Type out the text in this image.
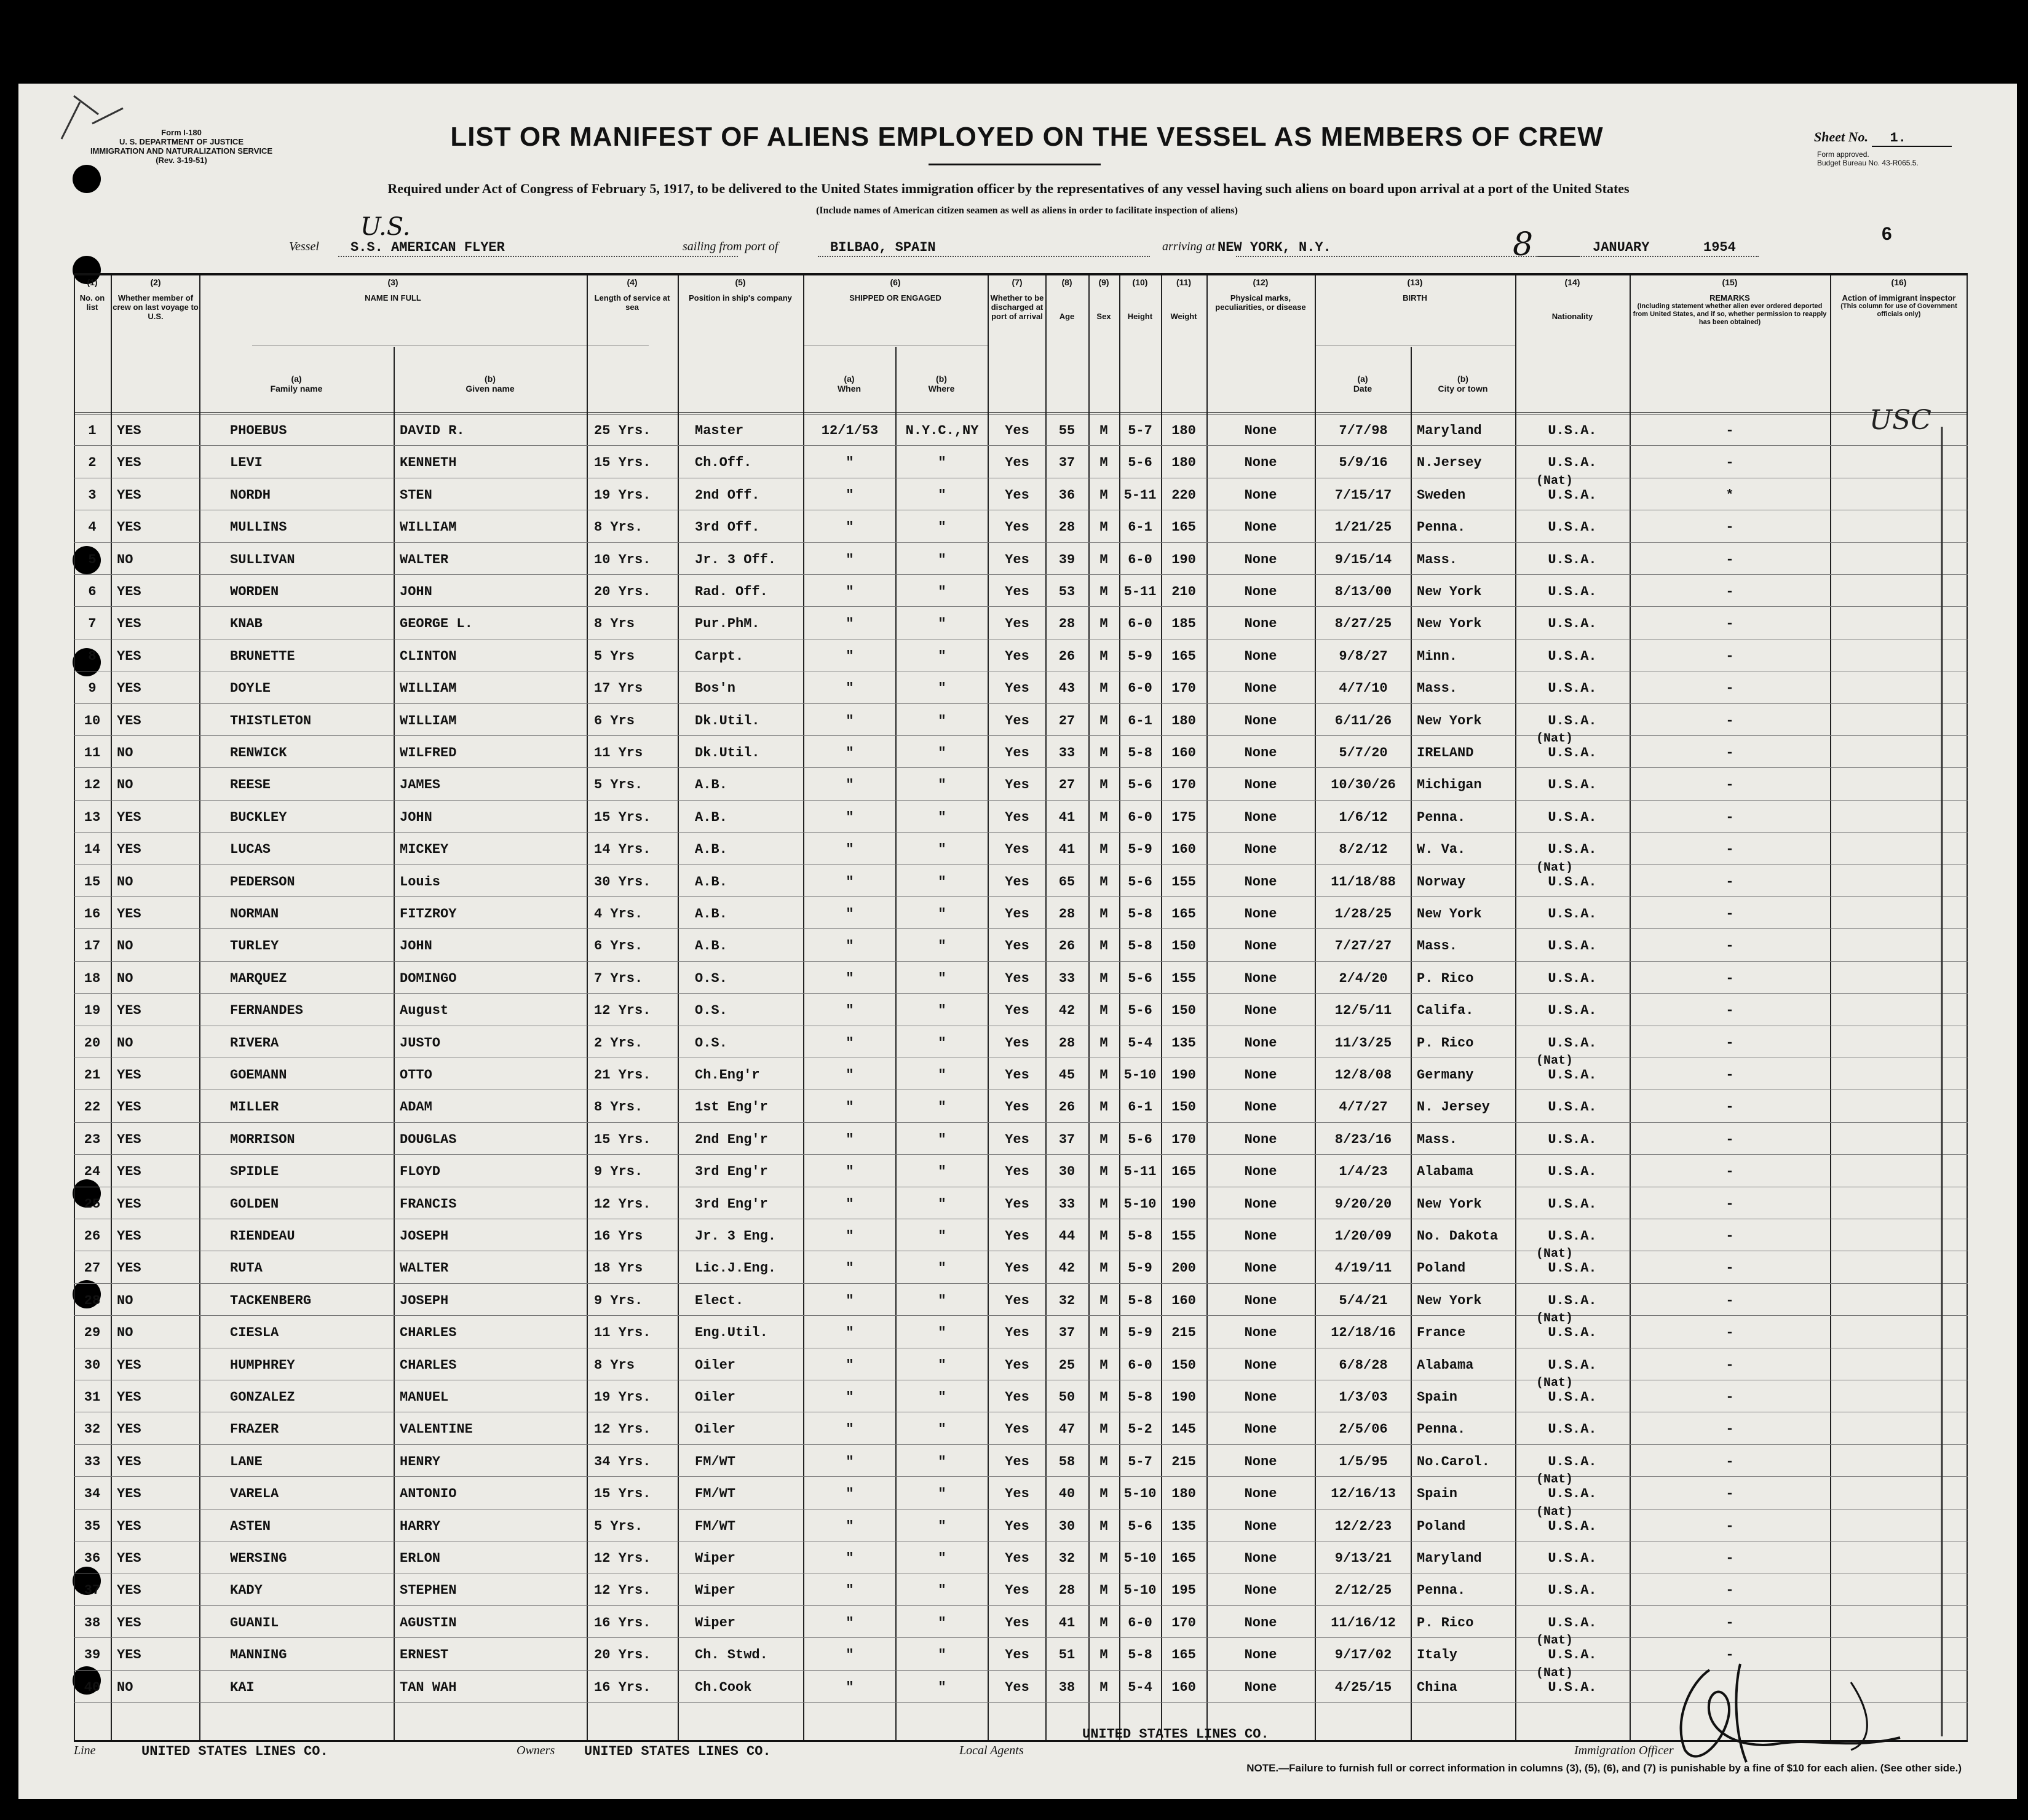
Form I-180
U. S. DEPARTMENT OF JUSTICE
IMMIGRATION AND NATURALIZATION SERVICE
(Rev. 3-19-51)
LIST OR MANIFEST OF ALIENS EMPLOYED ON THE VESSEL AS MEMBERS OF CREW	Sheet No. 1.
Form approved.
Budget Bureau No. 43-R065.5.
Required under Act of Congress of February 5, 1917, to be delivered to the United States immigration officer by the representatives of any vessel having such aliens on board upon arrival at a port of the United States
U.S.
(Include names of American citizen seamen as well as aliens in order to facilitate inspection of aliens)
6
Vessel S.S. AMERICAN FLYER	sailing from port of	BILBAO, SPAIN	arriving at NEW YORK, N.Y.	JANUARY	1954
8
(1)
No. on list
(2)
Whether member of crew on last voyage to U.S.
(3)
NAME IN FULL
(a)
Family name
(b)
Given name
(4)
Length of service at sea
(5)
Position in ship's company
(6)
SHIPPED OR ENGAGED
(a)
When
(b)
Where
(7)
Whether to be discharged at port of arrival
(8)

Age
(9)

Sex
(10)

Height
(11)

Weight
(12)
Physical marks, peculiarities, or disease
(13)
BIRTH
(a)
Date
(b)
City or town
(14)

Nationality
(15)
REMARKS

(Including statement whether alien ever ordered deported from United States, and if so, whether permission to reapply has been obtained)
(16)
Action of immigrant inspector

(This column for use of Government officials only)
1	YES	PHOEBUS	DAVID R.	25 Yrs.	Master	12/1/53	N.Y.C.,NY	Yes	55	M	5-7	180	None	7/7/98	Maryland	U.S.A.	-
2	YES	LEVI	KENNETH	15 Yrs.	Ch.Off.	"	"	Yes	37	M	5-6	180	None	5/9/16	N.Jersey	U.S.A.	-
3	YES	NORDH	STEN	19 Yrs.	2nd Off.	"	"	Yes	36	M	5-11	220	None	7/15/17	Sweden	U.S.A.	*
(Nat)
4	YES	MULLINS	WILLIAM	8 Yrs.	3rd Off.	"	"	Yes	28	M	6-1	165	None	1/21/25	Penna.	U.S.A.	-
5	NO	SULLIVAN	WALTER	10 Yrs.	Jr. 3 Off.	"	"	Yes	39	M	6-0	190	None	9/15/14	Mass.	U.S.A.	-
6	YES	WORDEN	JOHN	20 Yrs.	Rad. Off.	"	"	Yes	53	M	5-11	210	None	8/13/00	New York	U.S.A.	-
7	YES	KNAB	GEORGE L.	8 Yrs	Pur.PhM.	"	"	Yes	28	M	6-0	185	None	8/27/25	New York	U.S.A.	-
8	YES	BRUNETTE	CLINTON	5 Yrs	Carpt.	"	"	Yes	26	M	5-9	165	None	9/8/27	Minn.	U.S.A.	-
9	YES	DOYLE	WILLIAM	17 Yrs	Bos'n	"	"	Yes	43	M	6-0	170	None	4/7/10	Mass.	U.S.A.	-
10	YES	THISTLETON	WILLIAM	6 Yrs	Dk.Util.	"	"	Yes	27	M	6-1	180	None	6/11/26	New York	U.S.A.	-
11	NO	RENWICK	WILFRED	11 Yrs	Dk.Util.	"	"	Yes	33	M	5-8	160	None	5/7/20	IRELAND	U.S.A.	-
(Nat)
12	NO	REESE	JAMES	5 Yrs.	A.B.	"	"	Yes	27	M	5-6	170	None	10/30/26	Michigan	U.S.A.	-
13	YES	BUCKLEY	JOHN	15 Yrs.	A.B.	"	"	Yes	41	M	6-0	175	None	1/6/12	Penna.	U.S.A.	-
14	YES	LUCAS	MICKEY	14 Yrs.	A.B.	"	"	Yes	41	M	5-9	160	None	8/2/12	W. Va.	U.S.A.	-
15	NO	PEDERSON	Louis	30 Yrs.	A.B.	"	"	Yes	65	M	5-6	155	None	11/18/88	Norway	U.S.A.	-
(Nat)
16	YES	NORMAN	FITZROY	4 Yrs.	A.B.	"	"	Yes	28	M	5-8	165	None	1/28/25	New York	U.S.A.	-
17	NO	TURLEY	JOHN	6 Yrs.	A.B.	"	"	Yes	26	M	5-8	150	None	7/27/27	Mass.	U.S.A.	-
18	NO	MARQUEZ	DOMINGO	7 Yrs.	O.S.	"	"	Yes	33	M	5-6	155	None	2/4/20	P. Rico	U.S.A.	-
19	YES	FERNANDES	August	12 Yrs.	O.S.	"	"	Yes	42	M	5-6	150	None	12/5/11	Califa.	U.S.A.	-
20	NO	RIVERA	JUSTO	2 Yrs.	O.S.	"	"	Yes	28	M	5-4	135	None	11/3/25	P. Rico	U.S.A.	-
21	YES	GOEMANN	OTTO	21 Yrs.	Ch.Eng'r	"	"	Yes	45	M	5-10	190	None	12/8/08	Germany	U.S.A.	-
(Nat)
22	YES	MILLER	ADAM	8 Yrs.	1st Eng'r	"	"	Yes	26	M	6-1	150	None	4/7/27	N. Jersey	U.S.A.	-
23	YES	MORRISON	DOUGLAS	15 Yrs.	2nd Eng'r	"	"	Yes	37	M	5-6	170	None	8/23/16	Mass.	U.S.A.	-
24	YES	SPIDLE	FLOYD	9 Yrs.	3rd Eng'r	"	"	Yes	30	M	5-11	165	None	1/4/23	Alabama	U.S.A.	-
25	YES	GOLDEN	FRANCIS	12 Yrs.	3rd Eng'r	"	"	Yes	33	M	5-10	190	None	9/20/20	New York	U.S.A.	-
26	YES	RIENDEAU	JOSEPH	16 Yrs	Jr. 3 Eng.	"	"	Yes	44	M	5-8	155	None	1/20/09	No. Dakota	U.S.A.	-
27	YES	RUTA	WALTER	18 Yrs	Lic.J.Eng.	"	"	Yes	42	M	5-9	200	None	4/19/11	Poland	U.S.A.	-
(Nat)
28	NO	TACKENBERG	JOSEPH	9 Yrs.	Elect.	"	"	Yes	32	M	5-8	160	None	5/4/21	New York	U.S.A.	-
29	NO	CIESLA	CHARLES	11 Yrs.	Eng.Util.	"	"	Yes	37	M	5-9	215	None	12/18/16	France	U.S.A.	-
(Nat)
30	YES	HUMPHREY	CHARLES	8 Yrs	Oiler	"	"	Yes	25	M	6-0	150	None	6/8/28	Alabama	U.S.A.	-
31	YES	GONZALEZ	MANUEL	19 Yrs.	Oiler	"	"	Yes	50	M	5-8	190	None	1/3/03	Spain	U.S.A.	-
(Nat)
32	YES	FRAZER	VALENTINE	12 Yrs.	Oiler	"	"	Yes	47	M	5-2	145	None	2/5/06	Penna.	U.S.A.	-
33	YES	LANE	HENRY	34 Yrs.	FM/WT	"	"	Yes	58	M	5-7	215	None	1/5/95	No.Carol.	U.S.A.	-
34	YES	VARELA	ANTONIO	15 Yrs.	FM/WT	"	"	Yes	40	M	5-10	180	None	12/16/13	Spain	U.S.A.	-
(Nat)
35	YES	ASTEN	HARRY	5 Yrs.	FM/WT	"	"	Yes	30	M	5-6	135	None	12/2/23	Poland	U.S.A.	-
(Nat)
36	YES	WERSING	ERLON	12 Yrs.	Wiper	"	"	Yes	32	M	5-10	165	None	9/13/21	Maryland	U.S.A.	-
37	YES	KADY	STEPHEN	12 Yrs.	Wiper	"	"	Yes	28	M	5-10	195	None	2/12/25	Penna.	U.S.A.	-
38	YES	GUANIL	AGUSTIN	16 Yrs.	Wiper	"	"	Yes	41	M	6-0	170	None	11/16/12	P. Rico	U.S.A.	-
39	YES	MANNING	ERNEST	20 Yrs.	Ch. Stwd.	"	"	Yes	51	M	5-8	165	None	9/17/02	Italy	U.S.A.	-
(Nat)
40	NO	KAI	TAN WAH	16 Yrs.	Ch.Cook	"	"	Yes	38	M	5-4	160	None	4/25/15	China	U.S.A.
(Nat)
USC
Line	UNITED STATES LINES CO.	Owners UNITED STATES LINES CO.	Local Agents
UNITED STATES LINES CO.
Immigration Officer
NOTE.—Failure to furnish full or correct information in columns (3), (5), (6), and (7) is punishable by a fine of $10 for each alien. (See other side.)
